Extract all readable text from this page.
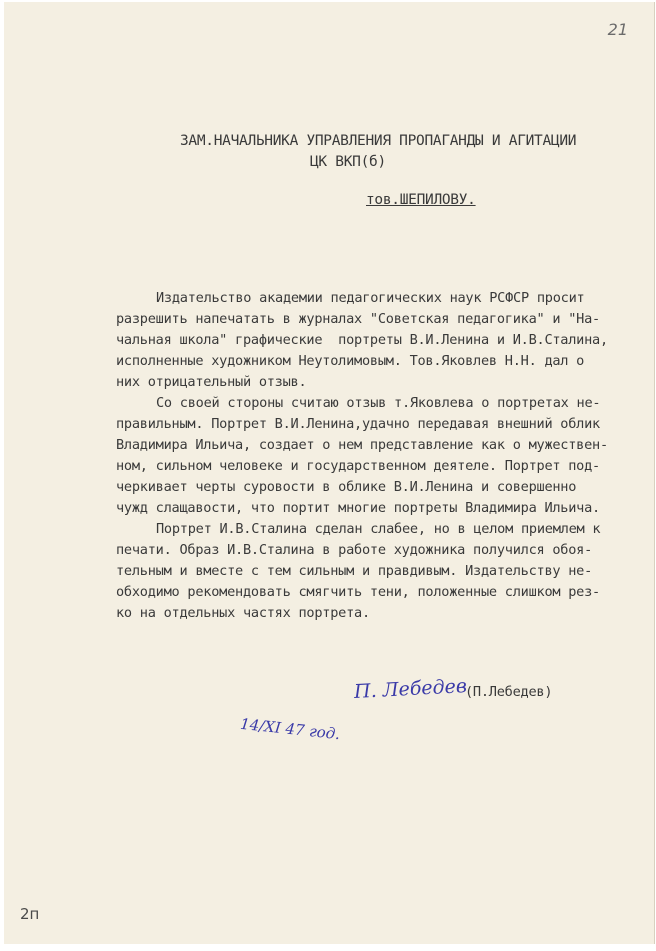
21
ЗАМ.НАЧАЛЬНИКА УПРАВЛЕНИЯ ПРОПАГАНДЫ И АГИТАЦИИ
ЦК ВКП(б)
тов.ШЕПИЛОВУ.
Издательство академии педагогических наук РСФСР просит
разрешить напечатать в журналах "Советская педагогика" и "На-
чальная школа" графические  портреты В.И.Ленина и И.В.Сталина,
исполненные художником Неутолимовым. Тов.Яковлев Н.Н. дал о
них отрицательный отзыв.
Со своей стороны считаю отзыв т.Яковлева о портретах не-
правильным. Портрет В.И.Ленина,удачно передавая внешний облик
Владимира Ильича, создает о нем представление как о мужествен-
ном, сильном человеке и государственном деятеле. Портрет под-
черкивает черты суровости в облике В.И.Ленина и совершенно
чужд слащавости, что портит многие портреты Владимира Ильича.
Портрет И.В.Сталина сделан слабее, но в целом приемлем к
печати. Образ И.В.Сталина в работе художника получился обоя-
тельным и вместе с тем сильным и правдивым. Издательству не-
обходимо рекомендовать смягчить тени, положенные слишком рез-
ко на отдельных частях портрета.
П. Лебедев
(П.Лебедев)
14/XI 47 год.
2п
